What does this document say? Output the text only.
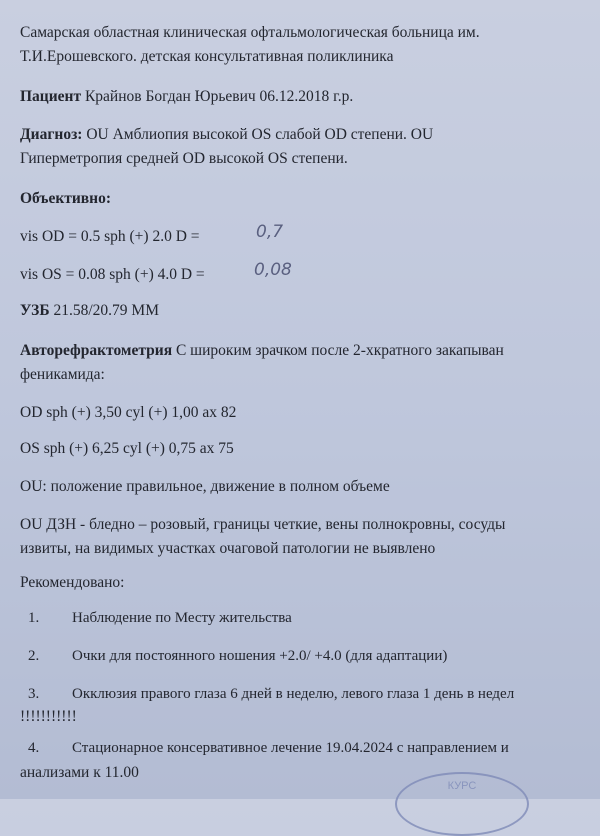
Самарская областная клиническая офтальмологическая больница им.
Т.И.Ерошевского. детская консультативная поликлиника
Пациент Крайнов Богдан Юрьевич 06.12.2018 г.р.
Диагноз: OU Амблиопия высокой OS слабой OD степени. OU
Гиперметропия средней OD высокой OS степени.
Объективно:
vis OD = 0.5 sph (+) 2.0 D =	0,7
vis OS = 0.08 sph (+) 4.0 D =	0,08
УЗБ 21.58/20.79 ММ
Авторефрактометрия С широким зрачком после 2-хкратного закапыван
феникамида:
OD sph (+) 3,50 cyl (+) 1,00 ax 82
OS sph (+) 6,25 cyl (+) 0,75 ax 75
OU: положение правильное, движение в полном объеме
OU ДЗН - бледно – розовый, границы четкие, вены полнокровны, сосуды
извиты, на видимых участках очаговой патологии не выявлено
Рекомендовано:
1. Наблюдение по Месту жительства
2. Очки для постоянного ношения +2.0/ +4.0 (для адаптации)
3. Окклюзия правого глаза 6 дней в неделю, левого глаза 1 день в недел
!!!!!!!!!!!
4. Стационарное консервативное лечение 19.04.2024 с направлением и
анализами к 11.00
КУРС
